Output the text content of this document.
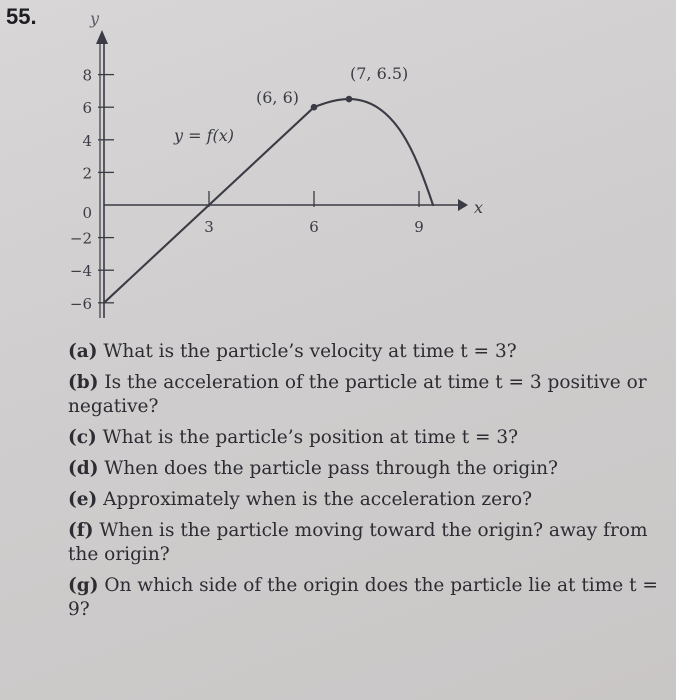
55.
x
y
8
6
4
2
0
−2
−4
−6
3	6	9
(6, 6)
(7, 6.5)
y = f(x)

(a) What is the particle’s velocity at time t = 3?

(b) Is the acceleration of the particle at time t = 3 positive or negative?

(c) What is the particle’s position at time t = 3?

(d) When does the particle pass through the origin?

(e) Approximately when is the acceleration zero?

(f) When is the particle moving toward the origin? away from the origin?

(g) On which side of the origin does the particle lie at time t = 9?
